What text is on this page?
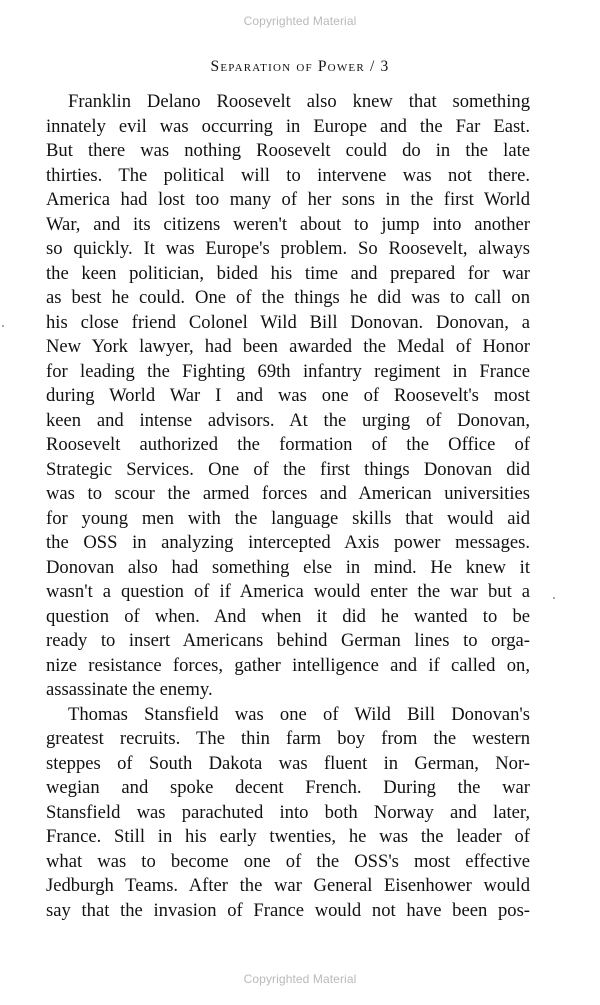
Copyrighted Material
Separation of Power / 3
Franklin Delano Roosevelt also knew that something
innately evil was occurring in Europe and the Far East.
But there was nothing Roosevelt could do in the late
thirties. The political will to intervene was not there.
America had lost too many of her sons in the first World
War, and its citizens weren't about to jump into another
so quickly. It was Europe's problem. So Roosevelt, always
the keen politician, bided his time and prepared for war
as best he could. One of the things he did was to call on
his close friend Colonel Wild Bill Donovan. Donovan, a
New York lawyer, had been awarded the Medal of Honor
for leading the Fighting 69th infantry regiment in France
during World War I and was one of Roosevelt's most
keen and intense advisors. At the urging of Donovan,
Roosevelt authorized the formation of the Office of
Strategic Services. One of the first things Donovan did
was to scour the armed forces and American universities
for young men with the language skills that would aid
the OSS in analyzing intercepted Axis power messages.
Donovan also had something else in mind. He knew it
wasn't a question of if America would enter the war but a
question of when. And when it did he wanted to be
ready to insert Americans behind German lines to orga-
nize resistance forces, gather intelligence and if called on,
assassinate the enemy.
Thomas Stansfield was one of Wild Bill Donovan's
greatest recruits. The thin farm boy from the western
steppes of South Dakota was fluent in German, Nor-
wegian and spoke decent French. During the war
Stansfield was parachuted into both Norway and later,
France. Still in his early twenties, he was the leader of
what was to become one of the OSS's most effective
Jedburgh Teams. After the war General Eisenhower would
say that the invasion of France would not have been pos-
Copyrighted Material
